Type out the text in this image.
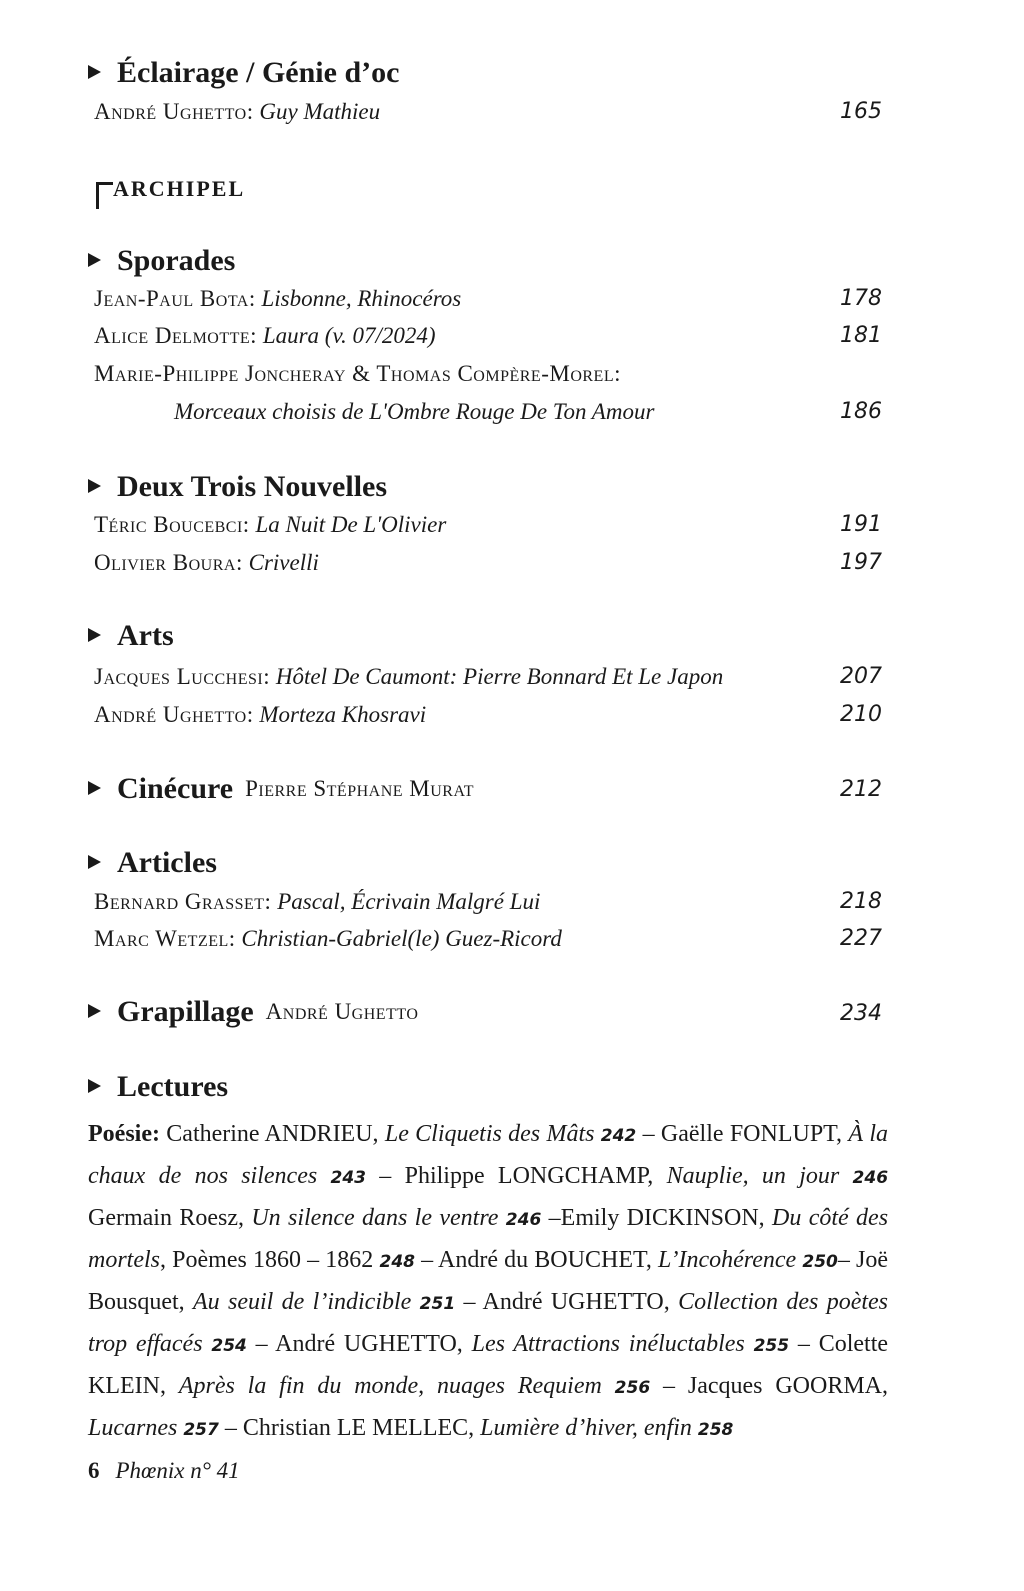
Éclairage / Génie d’oc
André Ughetto: Guy Mathieu	165
ARCHIPEL
Sporades
Jean-Paul Bota: Lisbonne, Rhinocéros	178
Alice Delmotte: Laura (v. 07/2024)	181
Marie-Philippe Joncheray & Thomas Compère-Morel:
Morceaux choisis de L'Ombre Rouge De Ton Amour	186
Deux Trois Nouvelles
Téric Boucebci: La Nuit De L'Olivier	191
Olivier Boura: Crivelli	197
Arts
Jacques Lucchesi: Hôtel De Caumont: Pierre Bonnard Et Le Japon	207
André Ughetto: Morteza Khosravi	210
Cinécure Pierre Stéphane Murat	212
Articles
Bernard Grasset: Pascal, Écrivain Malgré Lui	218
Marc Wetzel: Christian-Gabriel(le) Guez-Ricord	227
Grapillage André Ughetto	234
Lectures
Poésie: Catherine ANDRIEU, Le Cliquetis des Mâts 242 – Gaëlle FONLUPT, À la chaux de nos silences 243 – Philippe LONGCHAMP, Nauplie, un jour 246 Germain Roesz, Un silence dans le ventre 246 –Emily DICKINSON, Du côté des mortels, Poèmes 1860 – 1862 248 – André du BOUCHET, L’Incohérence 250– Joë Bousquet, Au seuil de l’indicible 251 – André UGHETTO, Collection des poètes trop effacés 254 – André UGHETTO, Les Attractions inéluctables 255 – Colette KLEIN, Après la fin du monde, nuages Requiem 256 – Jacques GOORMA, Lucarnes 257 – Christian LE MELLEC, Lumière d’hiver, enfin 258
6 Phœnix n° 41
